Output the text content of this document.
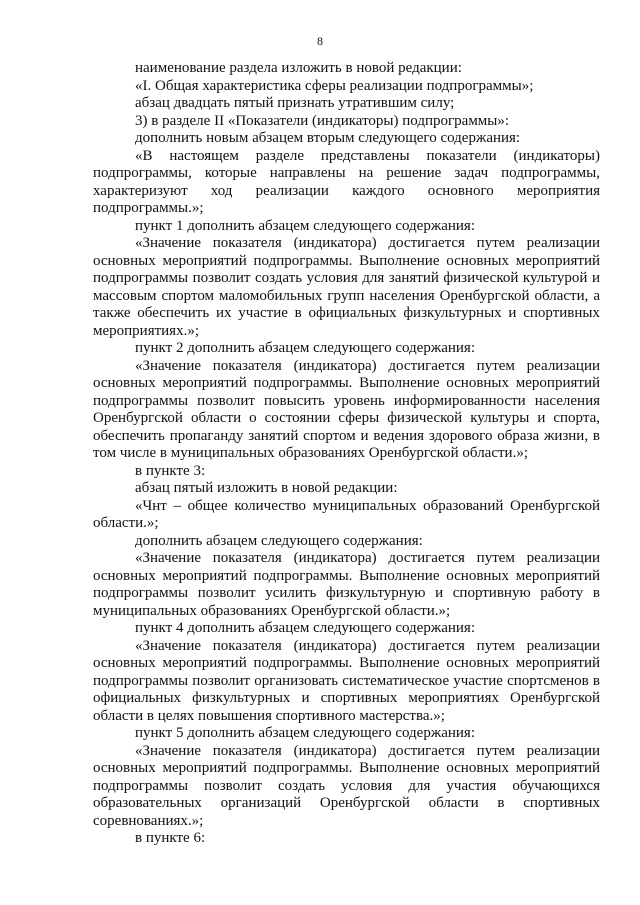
8

наименование раздела изложить в новой редакции:

«I. Общая характеристика сферы реализации подпрограммы»;

абзац двадцать пятый признать утратившим силу;

3) в разделе II «Показатели (индикаторы) подпрограммы»:

дополнить новым абзацем вторым следующего содержания:

«В настоящем разделе представлены показатели (индикаторы) подпрограммы, которые направлены на решение задач подпрограммы, характеризуют ход реализации каждого основного мероприятия подпрограммы.»;

пункт 1 дополнить абзацем следующего содержания:

«Значение показателя (индикатора) достигается путем реализации основных мероприятий подпрограммы. Выполнение основных мероприятий подпрограммы позволит создать условия для занятий физической культурой и массовым спортом маломобильных групп населения Оренбургской области, а также обеспечить их участие в официальных физкультурных и спортивных мероприятиях.»;

пункт 2 дополнить абзацем следующего содержания:

«Значение показателя (индикатора) достигается путем реализации основных мероприятий подпрограммы. Выполнение основных мероприятий подпрограммы позволит повысить уровень информированности населения Оренбургской области о состоянии сферы физической культуры и спорта, обеспечить пропаганду занятий спортом и ведения здорового образа жизни, в том числе в муниципальных образованиях Оренбургской области.»;

в пункте 3:

абзац пятый изложить в новой редакции:

«Чнт – общее количество муниципальных образований Оренбургской области.»;

дополнить абзацем следующего содержания:

«Значение показателя (индикатора) достигается путем реализации основных мероприятий подпрограммы. Выполнение основных мероприятий подпрограммы позволит усилить физкультурную и спортивную работу в муниципальных образованиях Оренбургской области.»;

пункт 4 дополнить абзацем следующего содержания:

«Значение показателя (индикатора) достигается путем реализации основных мероприятий подпрограммы. Выполнение основных мероприятий подпрограммы позволит организовать систематическое участие спортсменов в официальных физкультурных и спортивных мероприятиях Оренбургской области в целях повышения спортивного мастерства.»;

пункт 5 дополнить абзацем следующего содержания:

«Значение показателя (индикатора) достигается путем реализации основных мероприятий подпрограммы. Выполнение основных мероприятий подпрограммы позволит создать условия для участия обучающихся образовательных организаций Оренбургской области в спортивных соревнованиях.»;

в пункте 6:
